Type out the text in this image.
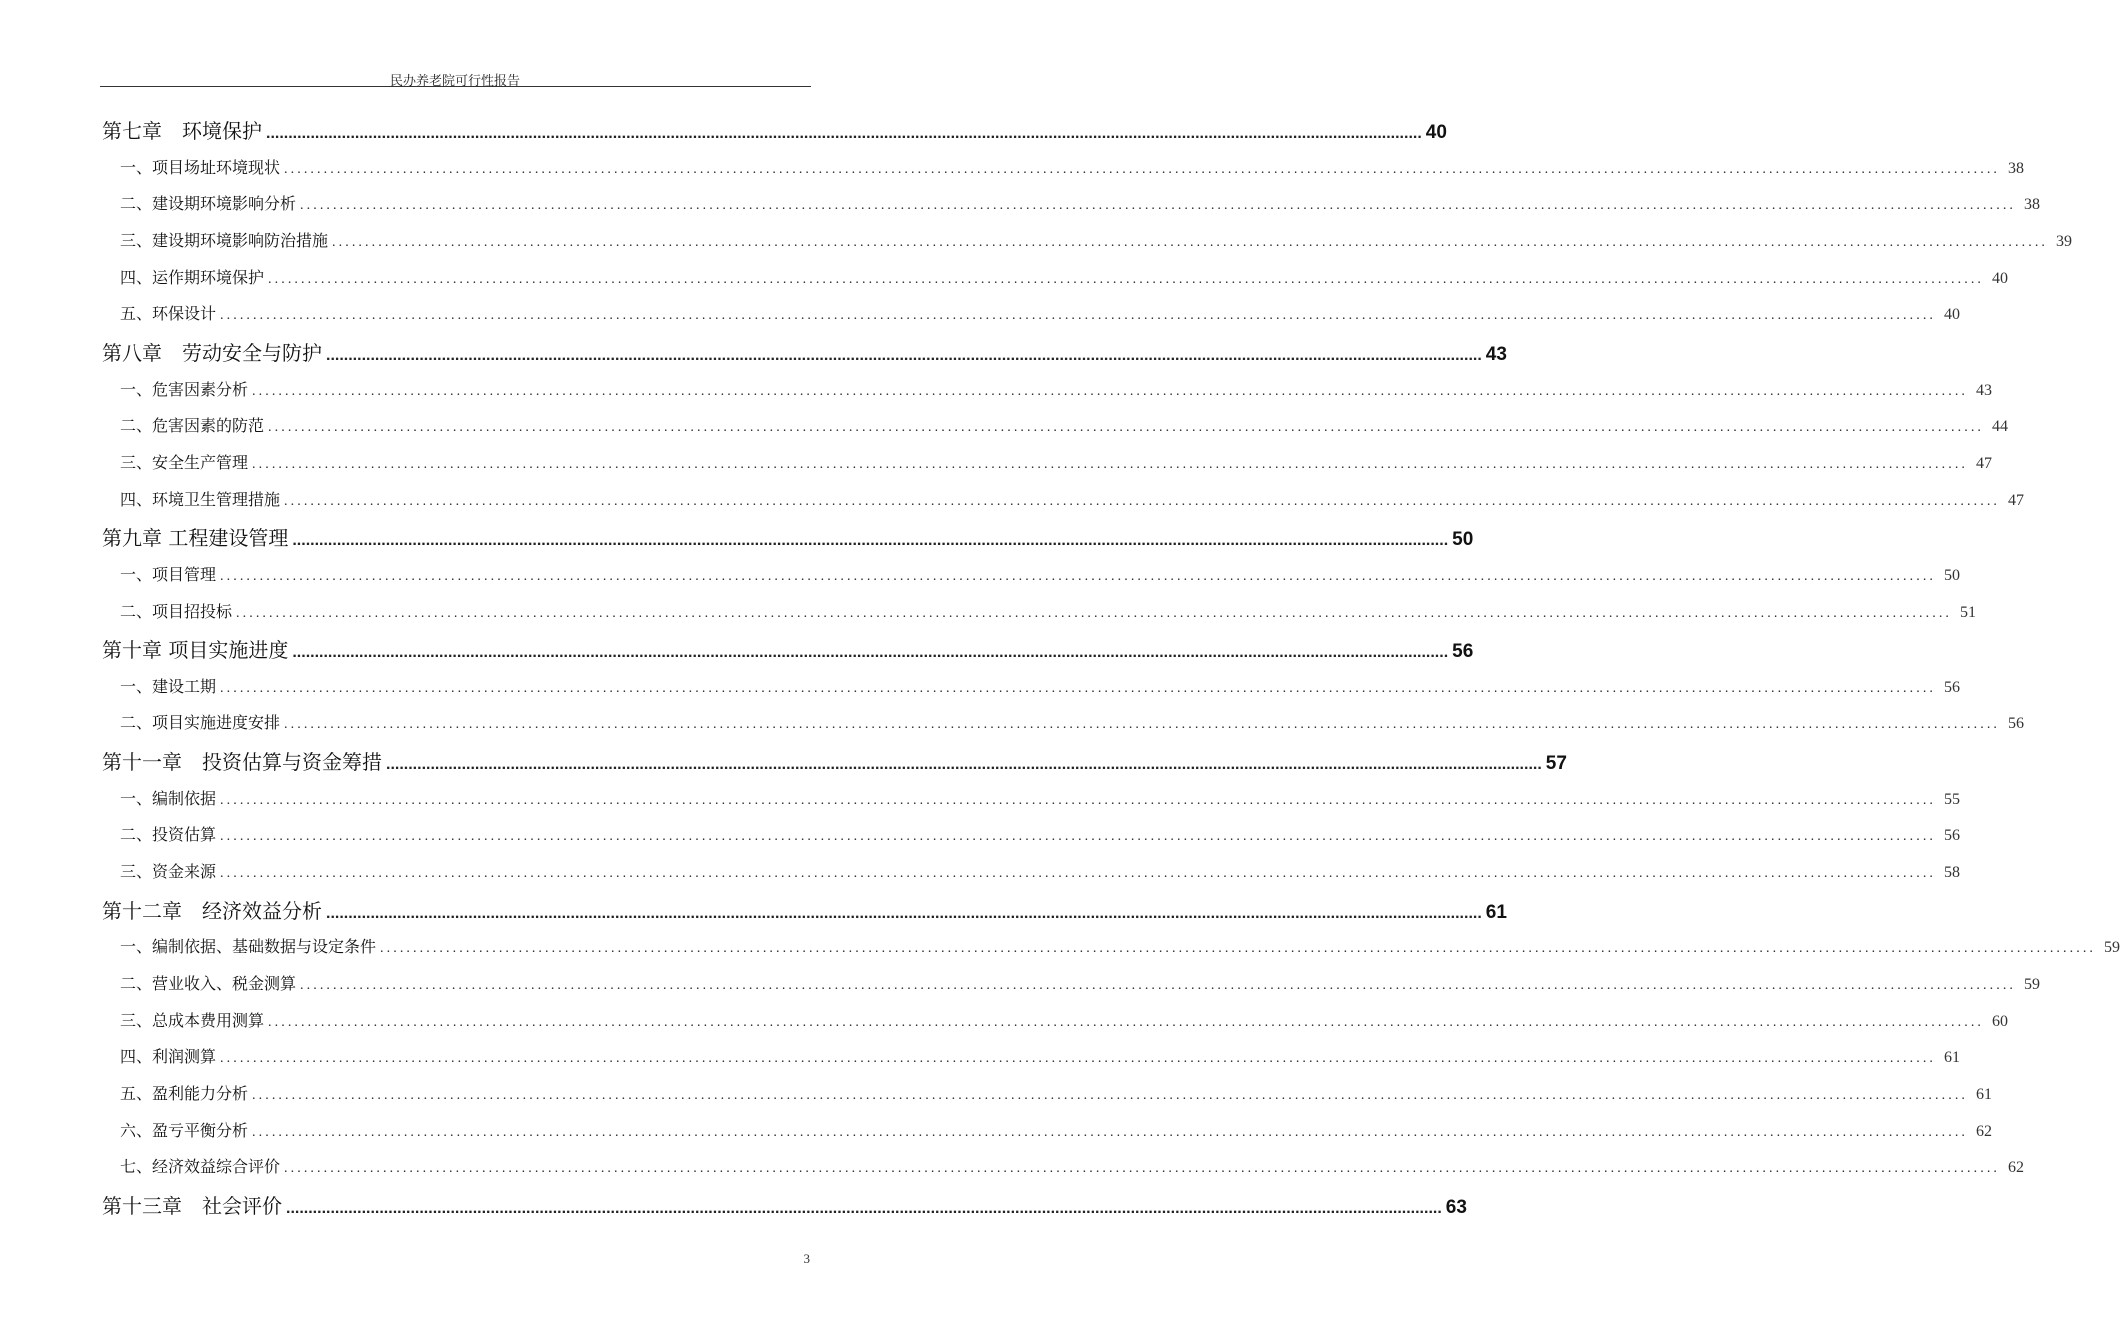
民办养老院可行性报告
第七章　环境保护 .................................................................................................................................................................................................................................................................... 40
一、项目场址环境现状 .................................................................................................................................................................................................................................................................... 38
二、建设期环境影响分析 .................................................................................................................................................................................................................................................................... 38
三、建设期环境影响防治措施 .................................................................................................................................................................................................................................................................... 39
四、运作期环境保护 .................................................................................................................................................................................................................................................................... 40
五、环保设计 .................................................................................................................................................................................................................................................................... 40
第八章　劳动安全与防护 .................................................................................................................................................................................................................................................................... 43
一、危害因素分析 .................................................................................................................................................................................................................................................................... 43
二、危害因素的防范 .................................................................................................................................................................................................................................................................... 44
三、安全生产管理 .................................................................................................................................................................................................................................................................... 47
四、环境卫生管理措施 .................................................................................................................................................................................................................................................................... 47
第九章 工程建设管理 .................................................................................................................................................................................................................................................................... 50
一、项目管理 .................................................................................................................................................................................................................................................................... 50
二、项目招投标 .................................................................................................................................................................................................................................................................... 51
第十章 项目实施进度 .................................................................................................................................................................................................................................................................... 56
一、建设工期 .................................................................................................................................................................................................................................................................... 56
二、项目实施进度安排 .................................................................................................................................................................................................................................................................... 56
第十一章　投资估算与资金筹措 .................................................................................................................................................................................................................................................................... 57
一、编制依据 .................................................................................................................................................................................................................................................................... 55
二、投资估算 .................................................................................................................................................................................................................................................................... 56
三、资金来源 .................................................................................................................................................................................................................................................................... 58
第十二章　经济效益分析 .................................................................................................................................................................................................................................................................... 61
一、编制依据、基础数据与设定条件 .................................................................................................................................................................................................................................................................... 59
二、营业收入、税金测算 .................................................................................................................................................................................................................................................................... 59
三、总成本费用测算 .................................................................................................................................................................................................................................................................... 60
四、利润测算 .................................................................................................................................................................................................................................................................... 61
五、盈利能力分析 .................................................................................................................................................................................................................................................................... 61
六、盈亏平衡分析 .................................................................................................................................................................................................................................................................... 62
七、经济效益综合评价 .................................................................................................................................................................................................................................................................... 62
第十三章　社会评价 .................................................................................................................................................................................................................................................................... 63
3
